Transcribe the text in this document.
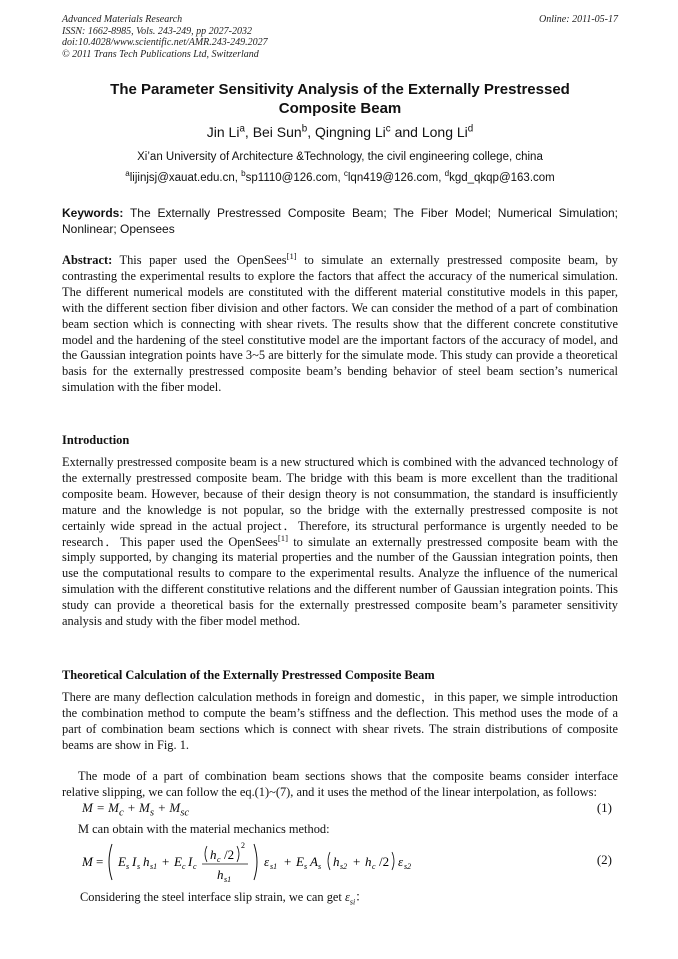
Advanced Materials Research
ISSN: 1662-8985, Vols. 243-249, pp 2027-2032
doi:10.4028/www.scientific.net/AMR.243-249.2027
© 2011 Trans Tech Publications Ltd, Switzerland
Online: 2011-05-17
The Parameter Sensitivity Analysis of the Externally Prestressed
Composite Beam
Jin Li$^a$, Bei Sun$^b$, Qingning Li$^c$ and Long Li$^d$
Xi’an University of Architecture &Technology, the civil engineering college, china
$^a$lijinjsj@xauat.edu.cn, $^b$sp1110@126.com, $^c$lqn419@126.com, $^d$kgd_qkqp@163.com
Keywords: The Externally Prestressed Composite Beam; The Fiber Model; Numerical Simulation; Nonlinear; Opensees
Abstract: This paper used the OpenSees[1] to simulate an externally prestressed composite beam, by contrasting the experimental results to explore the factors that affect the accuracy of the numerical simulation. The different numerical models are constituted with the different material constitutive models in this paper, with the different section fiber division and other factors. We can consider the method of a part of combination beam section which is connecting with shear rivets. The results show that the different concrete constitutive model and the hardening of the steel constitutive model are the important factors of the accuracy of model, and the Gaussian integration points have 3~5 are bitterly for the simulate mode. This study can provide a theoretical basis for the externally prestressed composite beam’s bending behavior of steel beam section’s numerical simulation with the fiber model.
Introduction
Externally prestressed composite beam is a new structured which is combined with the advanced technology of the externally prestressed composite beam. The bridge with this beam is more excellent than the traditional composite beam. However, because of their design theory is not consummation, the standard is insufficiently mature and the knowledge is not popular, so the bridge with the externally prestressed composite is not certainly wide spread in the actual project．Therefore, its structural performance is urgently needed to be research．This paper used the OpenSees[1] to simulate an externally prestressed composite beam with the simply supported, by changing its material properties and the number of the Gaussian integration points, then use the computational results to compare to the experimental results. Analyze the influence of the numerical simulation with the different constitutive relations and the different number of Gaussian integration points. This study can provide a theoretical basis for the externally prestressed composite beam’s parameter sensitivity analysis and study with the fiber model method.
Theoretical Calculation of the Externally Prestressed Composite Beam
There are many deflection calculation methods in foreign and domestic，in this paper, we simple introduction the combination method to compute the beam’s stiffness and the deflection. This method uses the mode of a part of combination beam sections which is connect with shear rivets. The strain distributions of composite beams are show in Fig. 1.
The mode of a part of combination beam sections shows that the composite beams consider interface relative slipping, we can follow the eq.(1)~(7), and it uses the method of the linear interpolation, as follows:
$M = M_c + M_s + M_{sc}$	(1)
M can obtain with the material mechanics method:
M = E s I s h s1 + E c I c
h c /2
2
h s1
ε s1 + E s A s h s2 + h c /2 ε s2	(2)
Considering the steel interface slip strain, we can get $\varepsilon_{si}$：
